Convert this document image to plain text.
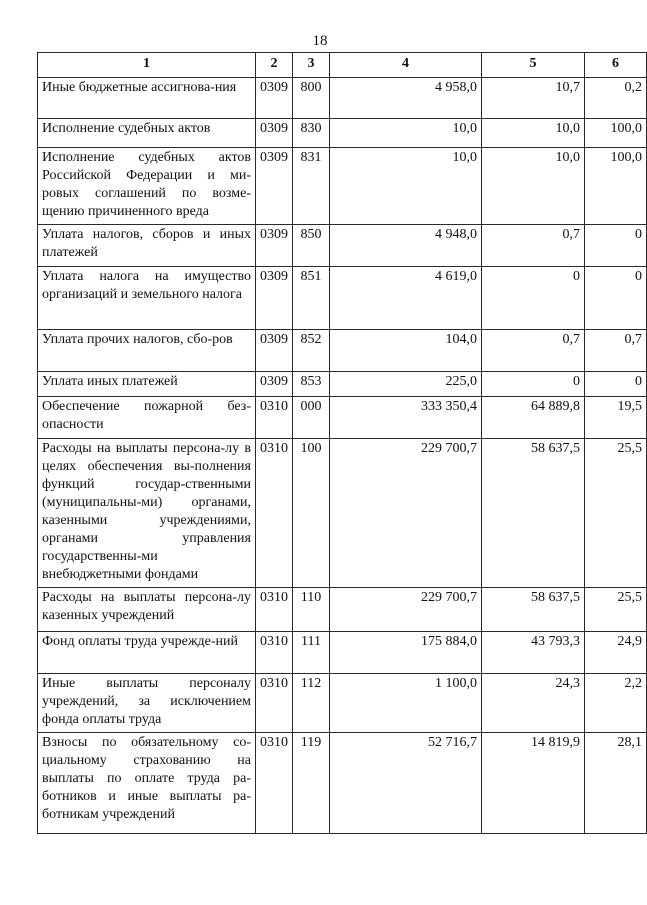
18
1	2	3	4	5	6
Иные бюджетные ассигнова-ния	0309	800	4 958,0	10,7	0,2
Исполнение судебных актов	0309	830	10,0	10,0	100,0
Исполнение судебных актов Российской Федерации и ми-ровых соглашений по возме-щению причиненного вреда	0309	831	10,0	10,0	100,0
Уплата налогов, сборов и иных платежей	0309	850	4 948,0	0,7	0
Уплата налога на имущество организаций и земельного налога	0309	851	4 619,0	0	0
Уплата прочих налогов, сбо-ров	0309	852	104,0	0,7	0,7
Уплата иных платежей	0309	853	225,0	0	0
Обеспечение пожарной без-опасности	0310	000	333 350,4	64 889,8	19,5
Расходы на выплаты персона-лу в целях обеспечения вы-полнения функций государ-ственными (муниципальны-ми) органами, казенными учреждениями, органами управления государственны-ми внебюджетными фондами	0310	100	229 700,7	58 637,5	25,5
Расходы на выплаты персона-лу казенных учреждений	0310	110	229 700,7	58 637,5	25,5
Фонд оплаты труда учрежде-ний	0310	111	175 884,0	43 793,3	24,9
Иные выплаты персоналу учреждений, за исключением фонда оплаты труда	0310	112	1 100,0	24,3	2,2
Взносы по обязательному со-циальному страхованию на выплаты по оплате труда ра-ботников и иные выплаты ра-ботникам учреждений	0310	119	52 716,7	14 819,9	28,1
